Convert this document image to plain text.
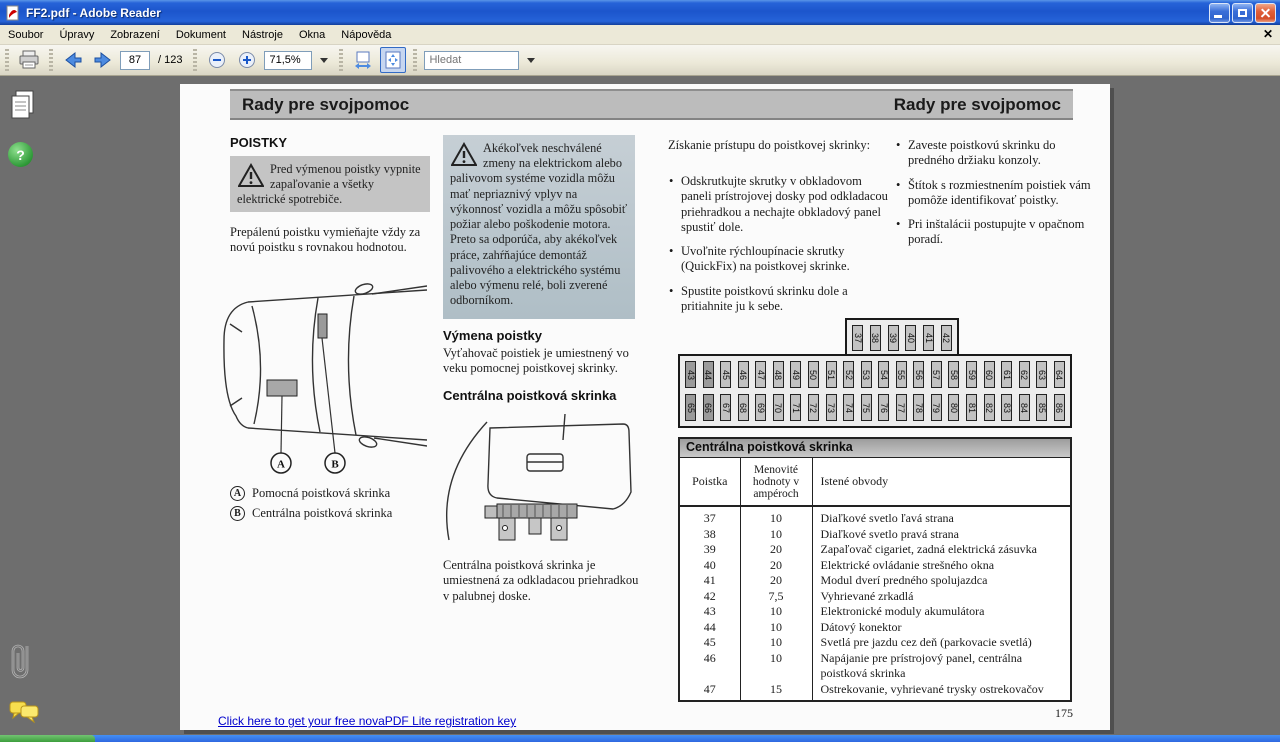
FF2.pdf - Adobe Reader
Soubor	Úpravy	Zobrazení	Dokument	Nástroje	Okna	Nápověda	✕
87
/ 123	71,5%
Hledat
?
Rady pre svojpomoc	Rady pre svojpomoc
POISTKY
Pred výmenou poistky vypnite zapaľovanie a všetky elektrické spotrebiče.
Prepálenú poistku vymieňajte vždy za novú poistku s rovnakou hodnotou.
A	B
A Pomocná poistková skrinka
B Centrálna poistková skrinka
Akékoľvek neschválené zmeny na elektrickom alebo palivovom systéme vozidla môžu mať nepriaznivý vplyv na výkonnosť vozidla a môžu spôsobiť požiar alebo poškodenie motora. Preto sa odporúča, aby akékoľvek práce, zahŕňajúce demontáž palivového a elektrického systému alebo výmenu relé, boli zverené odborníkom.
Výmena poistky
Vyťahovač poistiek je umiestnený vo veku pomocnej poistkovej skrinky.
Centrálna poistková skrinka
Centrálna poistková skrinka je umiestnená za odkladacou priehradkou v palubnej doske.
Získanie prístupu do poistkovej skrinky:
• Odskrutkujte skrutky v obkladovom paneli prístrojovej dosky pod odkladacou priehradkou a nechajte obkladový panel spustiť dole.
• Uvoľnite rýchloupínacie skrutky (QuickFix) na poistkovej skrinke.
• Spustite poistkovú skrinku dole a pritiahnite ju k sebe.
• Zaveste poistkovú skrinku do predného držiaku konzoly.
• Štítok s rozmiestnením poistiek vám pomôže identifikovať poistky.
• Pri inštalácii postupujte v opačnom poradí.
37 38 39 40 41 42
43 44 45 46 47 48 49 50 51 52 53 54 55 56 57 58 59 60 61 62 63 64
65 66 67 68 69 70 71 72 73 74 75 76 77 78 79 80 81 82 83 84 85 86
Centrálna poistková skrinka
Poistka	Menovité hodnoty v ampéroch	Istené obvody
37	10	Diaľkové svetlo ľavá strana
38	10	Diaľkové svetlo pravá strana
39	20	Zapaľovač cigariet, zadná elektrická zásuvka
40	20	Elektrické ovládanie strešného okna
41	20	Modul dverí predného spolujazdca
42	7,5	Vyhrievané zrkadlá
43	10	Elektronické moduly akumulátora
44	10	Dátový konektor
45	10	Svetlá pre jazdu cez deň (parkovacie svetlá)
46	10	Napájanie pre prístrojový panel, centrálna poistková skrinka
47	15	Ostrekovanie, vyhrievané trysky ostrekovačov
Click here to get your free novaPDF Lite registration key
175
